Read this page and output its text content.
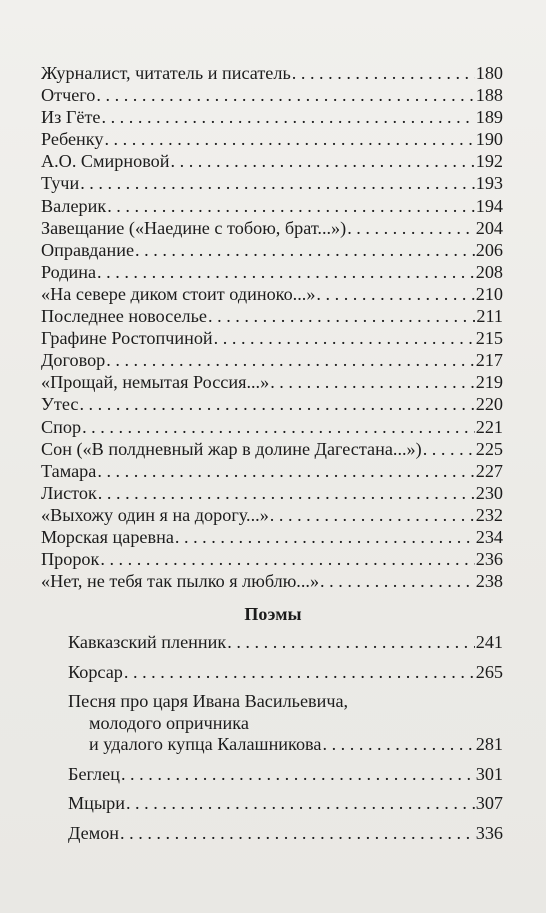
Журналист, читатель и писатель . . .	180
Отчего . . .	188
Из Гёте . . .	189
Ребенку . . .	190
А.О. Смирновой . . .	192
Тучи . . .	193
Валерик . . .	194
Завещание («Наедине с тобою, брат...») . . .	204
Оправдание . . .	206
Родина . . .	208
«На севере диком стоит одиноко...» . . .	210
Последнее новоселье . . .	211
Графине Ростопчиной . . .	215
Договор . . .	217
«Прощай, немытая Россия...» . . .	219
Утес . . .	220
Спор . . .	221
Сон («В полдневный жар в долине Дагестана...») . . .	225
Тамара . . .	227
Листок . . .	230
«Выхожу один я на дорогу...» . . .	232
Морская царевна . . .	234
Пророк . . .	236
«Нет, не тебя так пылко я люблю...» . . .	238
Поэмы
Кавказский пленник . . .	241
Корсар . . .	265
Песня про царя Ивана Васильевича,
молодого опричника
и удалого купца Калашникова . . .	281
Беглец . . .	301
Мцыри . . .	307
Демон . . .	336
